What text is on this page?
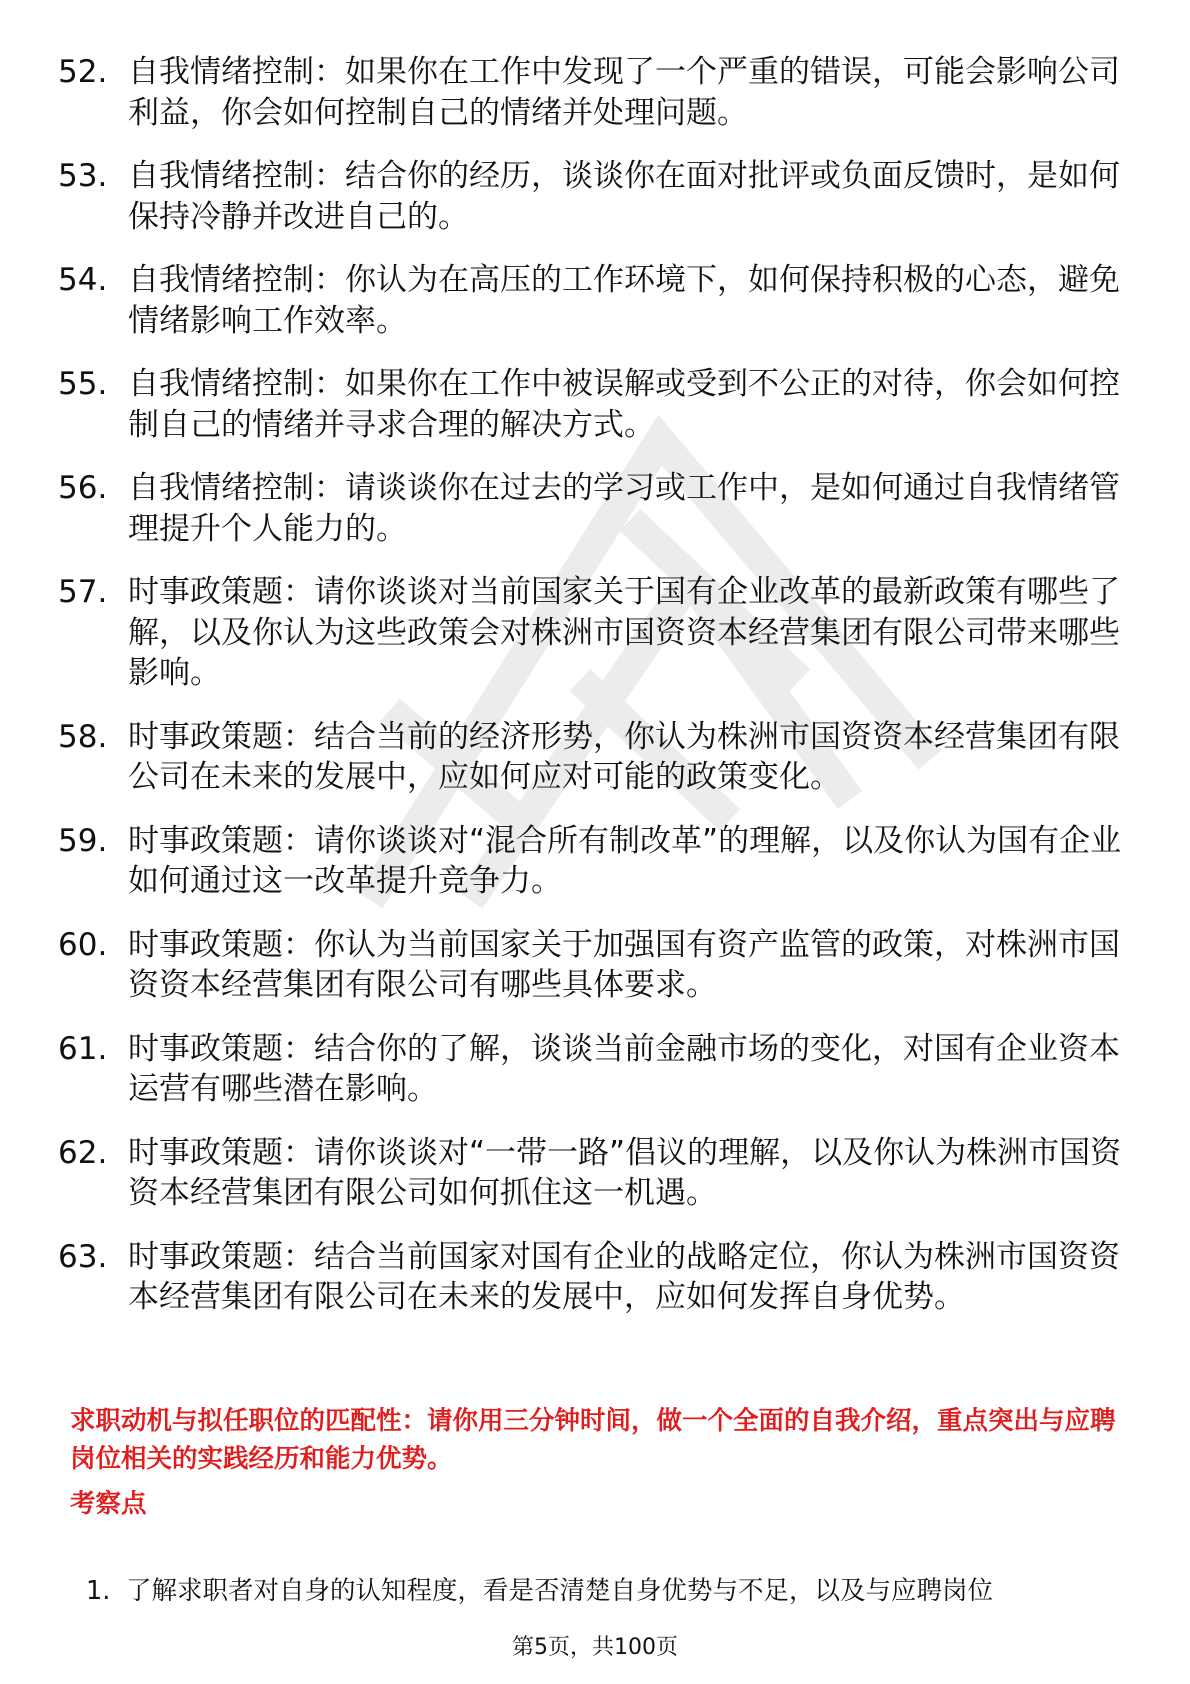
52. 自我情绪控制：如果你在工作中发现了一个严重的错误，可能会影响公司利益，你会如何控制自己的情绪并处理问题。
53. 自我情绪控制：结合你的经历，谈谈你在面对批评或负面反馈时，是如何保持冷静并改进自己的。
54. 自我情绪控制：你认为在高压的工作环境下，如何保持积极的心态，避免情绪影响工作效率。
55. 自我情绪控制：如果你在工作中被误解或受到不公正的对待，你会如何控制自己的情绪并寻求合理的解决方式。
56. 自我情绪控制：请谈谈你在过去的学习或工作中，是如何通过自我情绪管理提升个人能力的。
57. 时事政策题：请你谈谈对当前国家关于国有企业改革的最新政策有哪些了解，以及你认为这些政策会对株洲市国资资本经营集团有限公司带来哪些影响。
58. 时事政策题：结合当前的经济形势，你认为株洲市国资资本经营集团有限公司在未来的发展中，应如何应对可能的政策变化。
59. 时事政策题：请你谈谈对“混合所有制改革”的理解，以及你认为国有企业如何通过这一改革提升竞争力。
60. 时事政策题：你认为当前国家关于加强国有资产监管的政策，对株洲市国资资本经营集团有限公司有哪些具体要求。
61. 时事政策题：结合你的了解，谈谈当前金融市场的变化，对国有企业资本运营有哪些潜在影响。
62. 时事政策题：请你谈谈对“一带一路”倡议的理解，以及你认为株洲市国资资本经营集团有限公司如何抓住这一机遇。
63. 时事政策题：结合当前国家对国有企业的战略定位，你认为株洲市国资资本经营集团有限公司在未来的发展中，应如何发挥自身优势。

求职动机与拟任职位的匹配性：请你用三分钟时间，做一个全面的自我介绍，重点突出与应聘岗位相关的实践经历和能力优势。

考察点

1. 了解求职者对自身的认知程度，看是否清楚自身优势与不足，以及与应聘岗位
第5页，共100页
